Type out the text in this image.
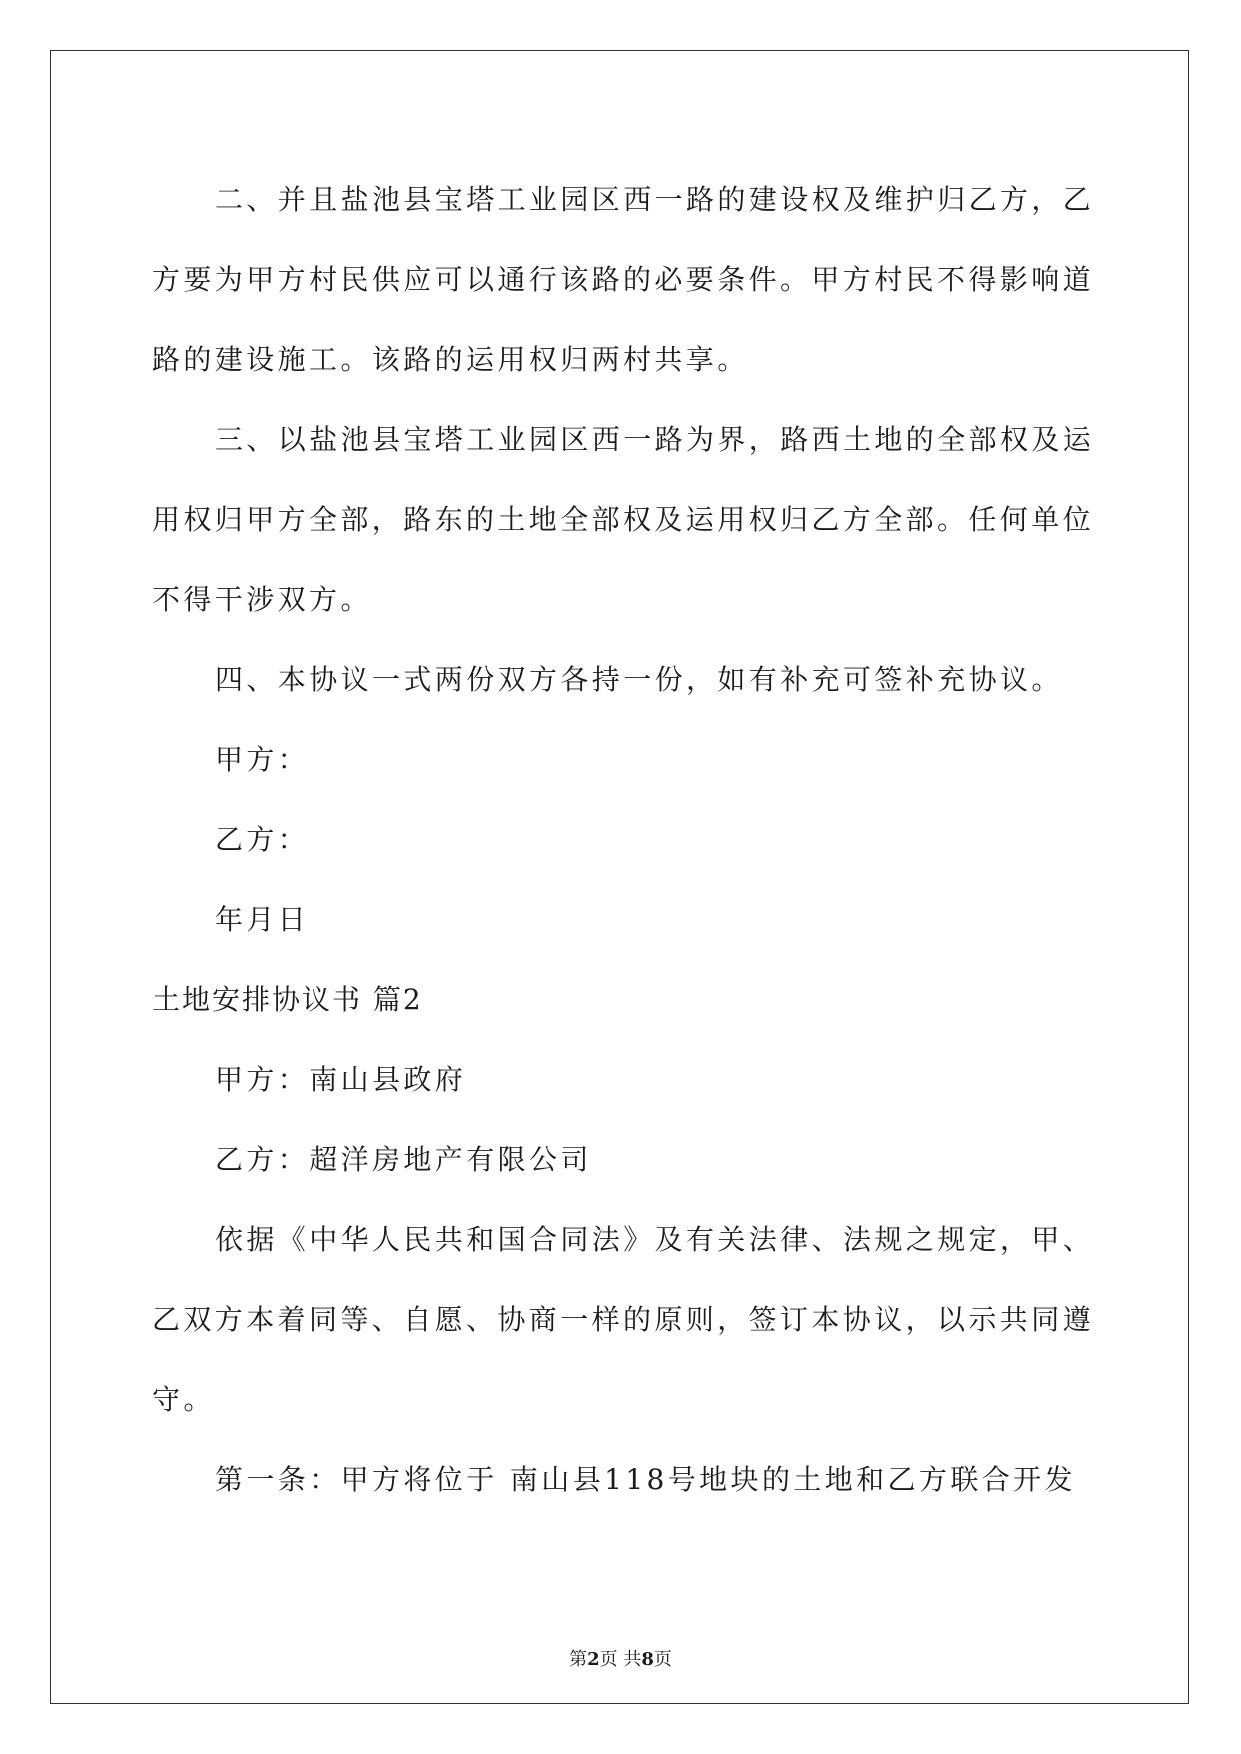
二、并且盐池县宝塔工业园区西一路的建设权及维护归乙方，乙
方要为甲方村民供应可以通行该路的必要条件。甲方村民不得影响道
路的建设施工。该路的运用权归两村共享。
三、以盐池县宝塔工业园区西一路为界，路西土地的全部权及运
用权归甲方全部，路东的土地全部权及运用权归乙方全部。任何单位
不得干涉双方。
四、本协议一式两份双方各持一份，如有补充可签补充协议。
甲方：
乙方：
年月日
土地安排协议书 篇2
甲方：南山县政府
乙方：超洋房地产有限公司
依据《中华人民共和国合同法》及有关法律、法规之规定，甲、
乙双方本着同等、自愿、协商一样的原则，签订本协议，以示共同遵
守。
第一条：甲方将位于 南山县118号地块的土地和乙方联合开发
第2页 共8页
